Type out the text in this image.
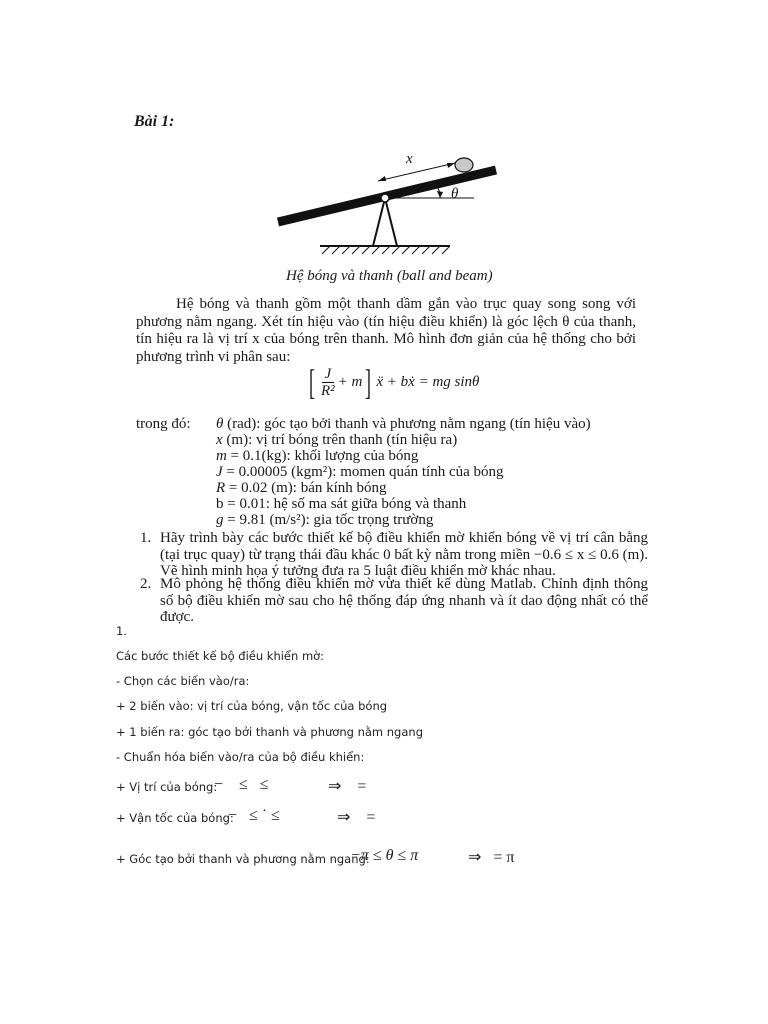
Bài 1:
x
θ
Hệ bóng và thanh (ball and beam)
Hệ bóng và thanh gồm một thanh dầm gắn vào trục quay song song với phương nằm ngang. Xét tín hiệu vào (tín hiệu điều khiển) là góc lệch θ của thanh, tín hiệu ra là vị trí x của bóng trên thanh. Mô hình đơn giản của hệ thống cho bởi phương trình vi phân sau:
[ $\frac{J}{\text{R²}} + m$ ] ẍ + bẋ = mg sinθ
trong đó: θ (rad): góc tạo bởi thanh và phương nằm ngang (tín hiệu vào)
x (m): vị trí bóng trên thanh (tín hiệu ra)
m = 0.1(kg): khối lượng của bóng
J = 0.00005 (kgm²): momen quán tính của bóng
R = 0.02 (m): bán kính bóng
b = 0.01: hệ số ma sát giữa bóng và thanh
g = 9.81 (m/s²): gia tốc trọng trường
1. Hãy trình bày các bước thiết kế bộ điều khiển mờ khiển bóng về vị trí cân bằng (tại trục quay) từ trạng thái đầu khác 0 bất kỳ nằm trong miền −0.6 ≤ x ≤ 0.6 (m). Vẽ hình minh họa ý tưởng đưa ra 5 luật điều khiển mờ khác nhau.
2. Mô phỏng hệ thống điều khiển mờ vừa thiết kế dùng Matlab. Chỉnh định thông số bộ điều khiển mờ sau cho hệ thống đáp ứng nhanh và ít dao động nhất có thể được.
1.
Các bước thiết kế bộ điều khiển mờ:
- Chọn các biến vào/ra:
+ 2 biến vào: vị trí của bóng, vận tốc của bóng
+ 1 biến ra: góc tạo bởi thanh và phương nằm ngang
- Chuẩn hóa biến vào/ra của bộ điều khiển:
+ Vị trí của bóng:
−    ≤   ≤	⇒    =
+ Vận tốc của bóng:
−   ≤ ˙ ≤	⇒    =
+ Góc tạo bởi thanh và phương nằm ngang:
−π ≤ θ ≤ π	⇒   = π
